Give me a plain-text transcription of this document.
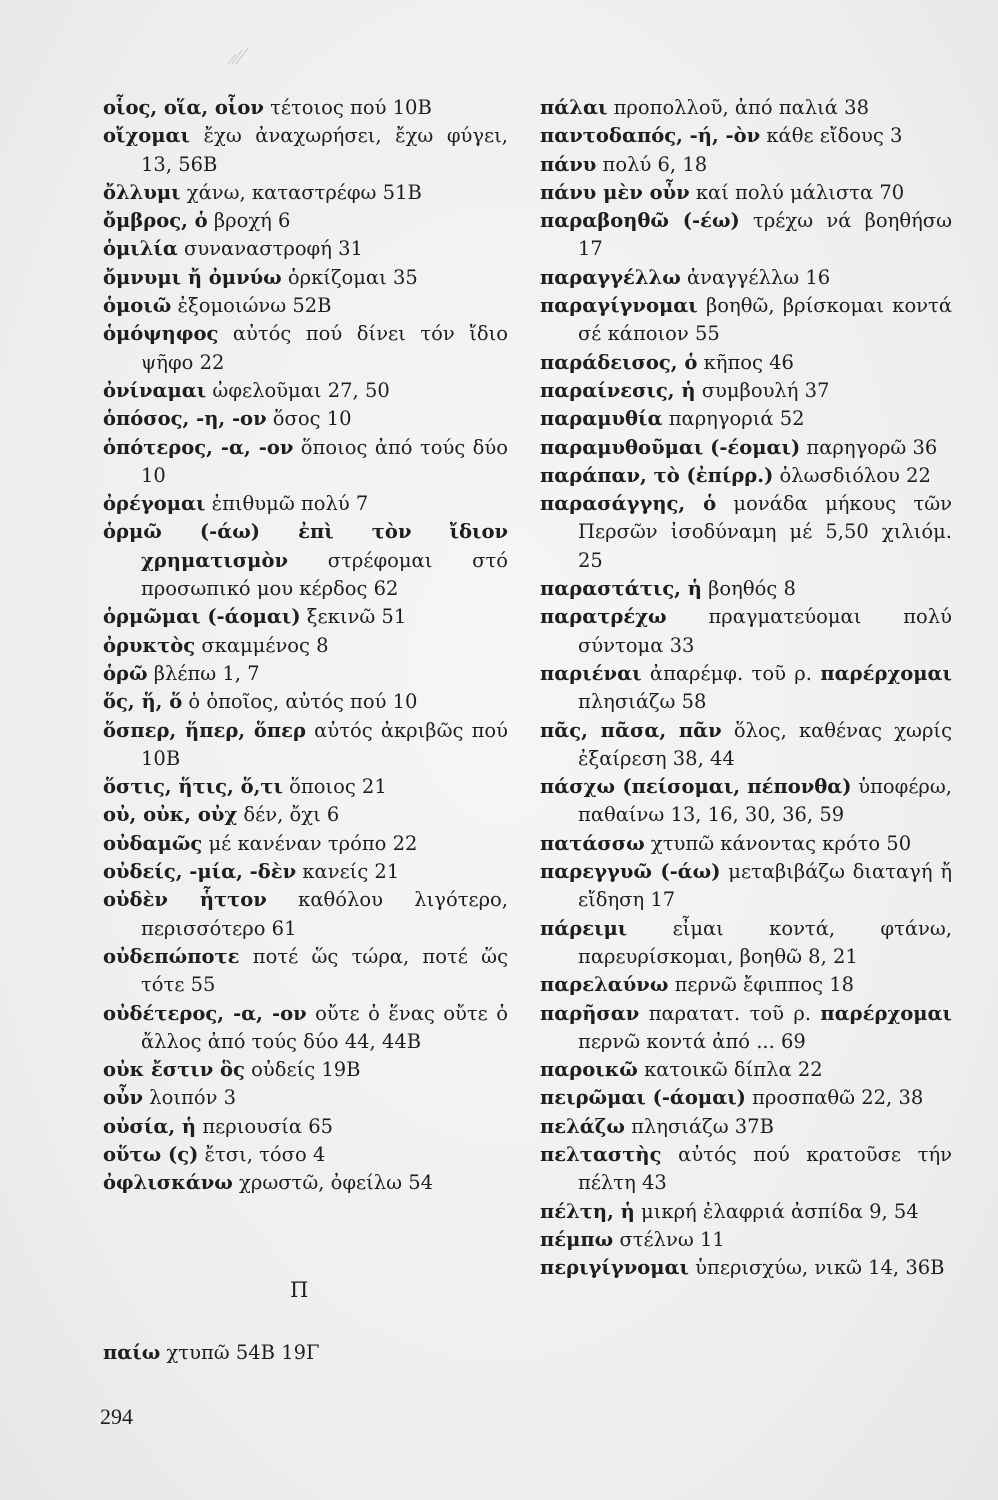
οἷος, οἵα, οἷον τέτοιος πού 10Β

οἴχομαι ἔχω ἀναχωρήσει, ἔχω φύγει, 13, 56Β

ὄλλυμι χάνω, καταστρέφω 51Β

ὄμβρος, ὁ βροχή 6

ὁμιλία συναναστροφή 31

ὄμνυμι ἤ ὀμνύω ὁρκίζομαι 35

ὁμοιῶ ἐξομοιώνω 52Β

ὁμόψηφος αὐτός πού δίνει τόν ἴδιο ψῆφο 22

ὀνίναμαι ὠφελοῦμαι 27, 50

ὁπόσος, -η, -ον ὅσος 10

ὁπότερος, -α, -ον ὅποιος ἀπό τούς δύο 10

ὀρέγομαι ἐπιθυμῶ πολύ 7

ὁρμῶ (-άω) ἐπὶ τὸν ἴδιον χρηματισμὸν στρέφομαι στό προσωπικό μου κέρδος 62

ὁρμῶμαι (-άομαι) ξεκινῶ 51

ὀρυκτὸς σκαμμένος 8

ὁρῶ βλέπω 1, 7

ὅς, ἥ, ὅ ὁ ὁποῖος, αὐτός πού 10

ὅσπερ, ἥπερ, ὅπερ αὐτός ἀκριβῶς πού 10Β

ὅστις, ἥτις, ὅ,τι ὅποιος 21

οὐ, οὐκ, οὐχ δέν, ὄχι 6

οὐδαμῶς μέ κανέναν τρόπο 22

οὐδείς, -μία, -δὲν κανείς 21

οὐδὲν ἧττον καθόλου λιγότερο, περισσότερο 61

οὐδεπώποτε ποτέ ὥς τώρα, ποτέ ὥς τότε 55

οὐδέτερος, -α, -ον οὔτε ὁ ἕνας οὔτε ὁ ἄλλος ἀπό τούς δύο 44, 44Β

οὐκ ἔστιν ὃς οὐδείς 19Β

οὖν λοιπόν 3

οὐσία, ἡ περιουσία 65

οὕτω (ς) ἔτσι, τόσο 4

ὀφλισκάνω χρωστῶ, ὀφείλω 54

Π

παίω χτυπῶ 54Β 19Γ

πάλαι προπολλοῦ, ἀπό παλιά 38

παντοδαπός, -ή, -ὸν κάθε εἴδους 3

πάνυ πολύ 6, 18

πάνυ μὲν οὖν καί πολύ μάλιστα 70

παραβοηθῶ (-έω) τρέχω νά βοηθήσω 17

παραγγέλλω ἀναγγέλλω 16

παραγίγνομαι βοηθῶ, βρίσκομαι κοντά σέ κάποιον 55

παράδεισος, ὁ κῆπος 46

παραίνεσις, ἡ συμβουλή 37

παραμυθία παρηγοριά 52

παραμυθοῦμαι (-έομαι) παρηγορῶ 36

παράπαν, τὸ (ἐπίρρ.) ὁλωσδιόλου 22

παρασάγγης, ὁ μονάδα μήκους τῶν Περσῶν ἰσοδύναμη μέ 5,50 χιλιόμ. 25

παραστάτις, ἡ βοηθός 8

παρατρέχω πραγματεύομαι πολύ σύντομα 33

παριέναι ἀπαρέμφ. τοῦ ρ. παρέρχομαι πλησιάζω 58

πᾶς, πᾶσα, πᾶν ὅλος, καθένας χωρίς ἐξαίρεση 38, 44

πάσχω (πείσομαι, πέπονθα) ὑποφέρω, παθαίνω 13, 16, 30, 36, 59

πατάσσω χτυπῶ κάνοντας κρότο 50

παρεγγυῶ (-άω) μεταβιβάζω διαταγή ἤ εἴδηση 17

πάρειμι εἶμαι κοντά, φτάνω, παρευρίσκομαι, βοηθῶ 8, 21

παρελαύνω περνῶ ἔφιππος 18

παρῆσαν παρατατ. τοῦ ρ. παρέρχομαι περνῶ κοντά ἀπό ... 69

παροικῶ κατοικῶ δίπλα 22

πειρῶμαι (-άομαι) προσπαθῶ 22, 38

πελάζω πλησιάζω 37Β

πελταστὴς αὐτός πού κρατοῦσε τήν πέλτη 43

πέλτη, ἡ μικρή ἐλαφριά ἀσπίδα 9, 54

πέμπω στέλνω 11

περιγίγνομαι ὑπερισχύω, νικῶ 14, 36Β

294
